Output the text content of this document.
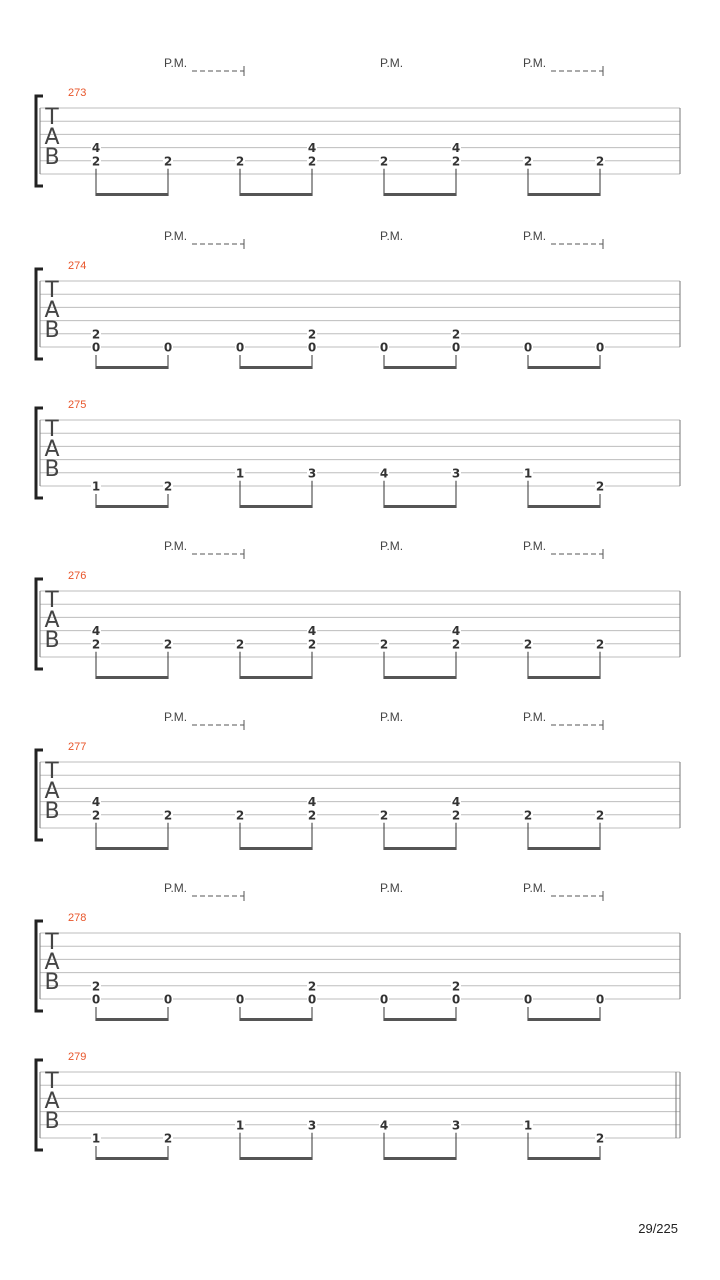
T
A
B
273
P.M.	P.M.	P.M.
4
2	2	2
4
2	2
4
2	2	2
T
A
B
274
P.M.	P.M.	P.M.
2
0	0	0
2
0	0
2
0	0	0
T
A
B
275
1	2
1	3	4	3	1
2
T
A
B
276
P.M.	P.M.	P.M.
4
2	2	2
4
2	2
4
2	2	2
T
A
B
277
P.M.	P.M.	P.M.
4
2	2	2
4
2	2
4
2	2	2
T
A
B
278
P.M.	P.M.	P.M.
2
0	0	0
2
0	0
2
0	0	0
T
A
B
279
1	2
1	3	4	3	1
2
29/225
